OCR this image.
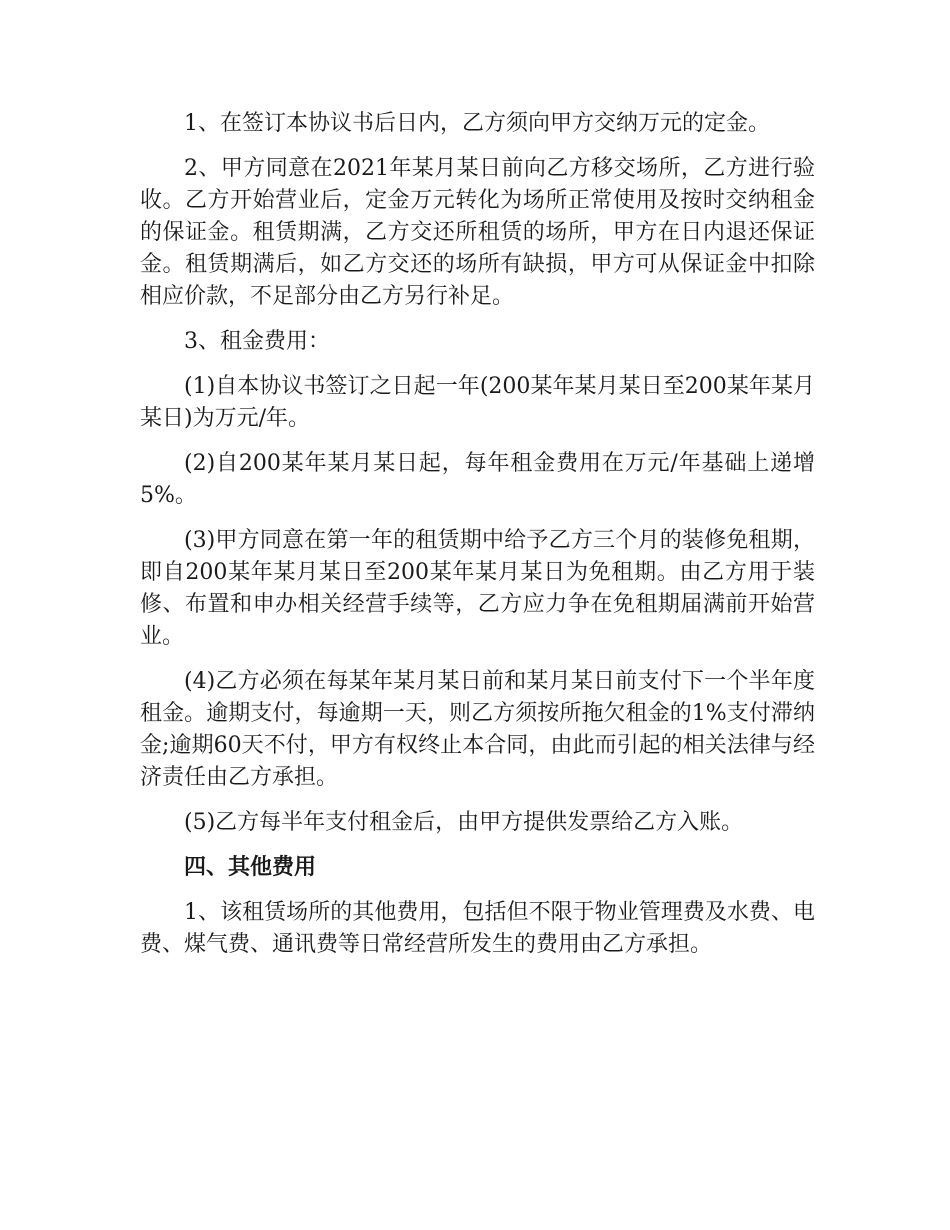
1、在签订本协议书后日内，乙方须向甲方交纳万元的定金。

2、甲方同意在2021年某月某日前向乙方移交场所，乙方进行验收。乙方开始营业后，定金万元转化为场所正常使用及按时交纳租金的保证金。租赁期满，乙方交还所租赁的场所，甲方在日内退还保证金。租赁期满后，如乙方交还的场所有缺损，甲方可从保证金中扣除相应价款，不足部分由乙方另行补足。

3、租金费用：

(1)自本协议书签订之日起一年(200某年某月某日至200某年某月某日)为万元/年。

(2)自200某年某月某日起，每年租金费用在万元/年基础上递增5%。

(3)甲方同意在第一年的租赁期中给予乙方三个月的装修免租期，即自200某年某月某日至200某年某月某日为免租期。由乙方用于装修、布置和申办相关经营手续等，乙方应力争在免租期届满前开始营业。

(4)乙方必须在每某年某月某日前和某月某日前支付下一个半年度租金。逾期支付，每逾期一天，则乙方须按所拖欠租金的1%支付滞纳金;逾期60天不付，甲方有权终止本合同，由此而引起的相关法律与经济责任由乙方承担。

(5)乙方每半年支付租金后，由甲方提供发票给乙方入账。

四、其他费用

1、该租赁场所的其他费用，包括但不限于物业管理费及水费、电费、煤气费、通讯费等日常经营所发生的费用由乙方承担。
